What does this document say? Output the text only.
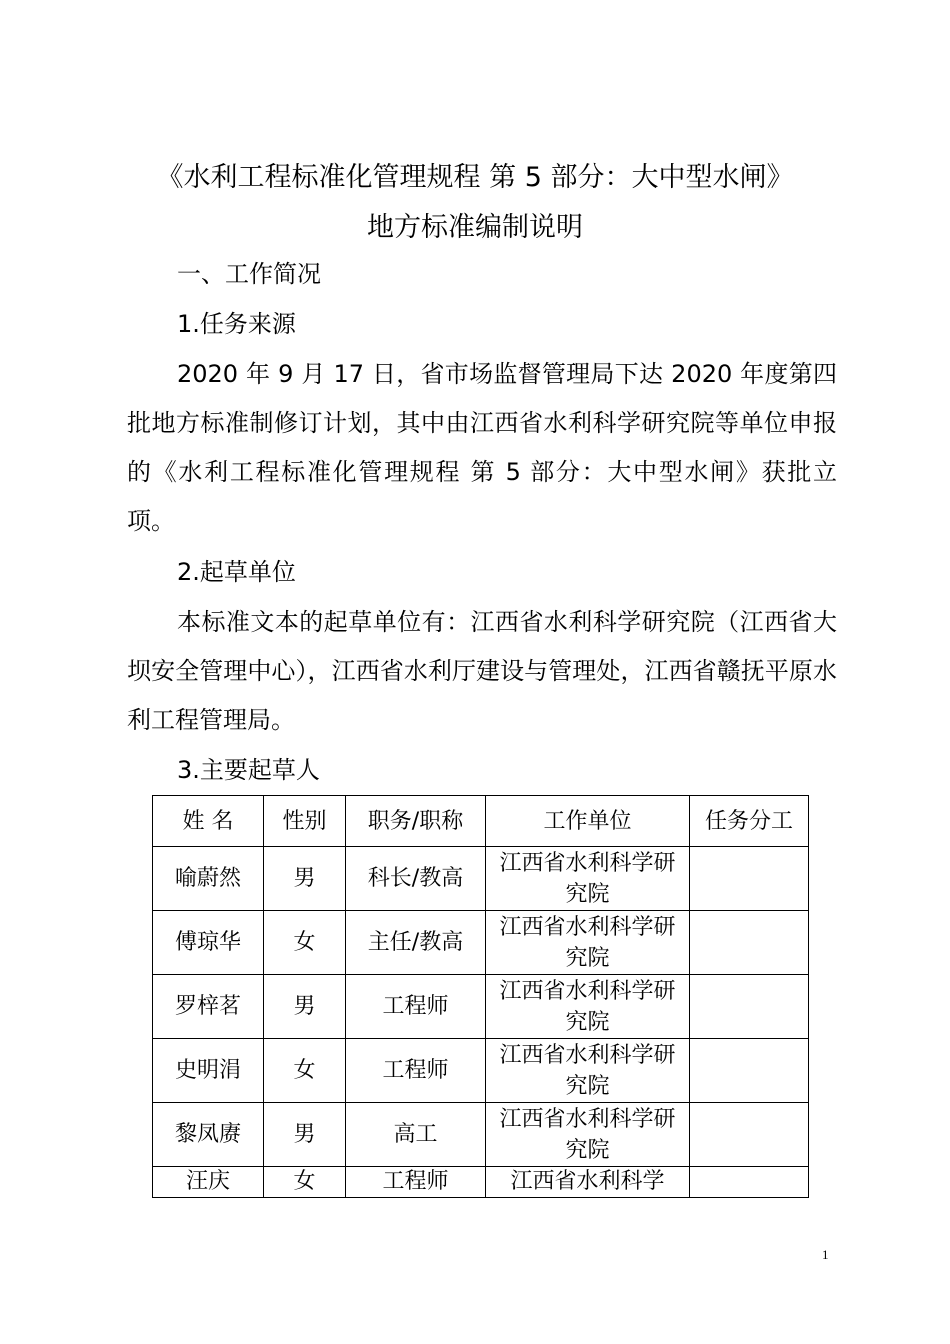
《水利工程标准化管理规程 第 5 部分：大中型水闸》
地方标准编制说明
一、工作简况
1.任务来源
2020 年 9 月 17 日，省市场监督管理局下达 2020 年度第四批地方标准制修订计划，其中由江西省水利科学研究院等单位申报的《水利工程标准化管理规程 第 5 部分：大中型水闸》获批立项。
2.起草单位
本标准文本的起草单位有：江西省水利科学研究院（江西省大坝安全管理中心），江西省水利厅建设与管理处，江西省赣抚平原水利工程管理局。
3.主要起草人
姓 名	性别	职务/职称	工作单位	任务分工
喻蔚然	男	科长/教高	江西省水利科学研究院	
傅琼华	女	主任/教高	江西省水利科学研究院	
罗梓茗	男	工程师	江西省水利科学研究院	
史明涓	女	工程师	江西省水利科学研究院	
黎凤赓	男	高工	江西省水利科学研究院	
汪庆	女	工程师	江西省水利科学	
1
